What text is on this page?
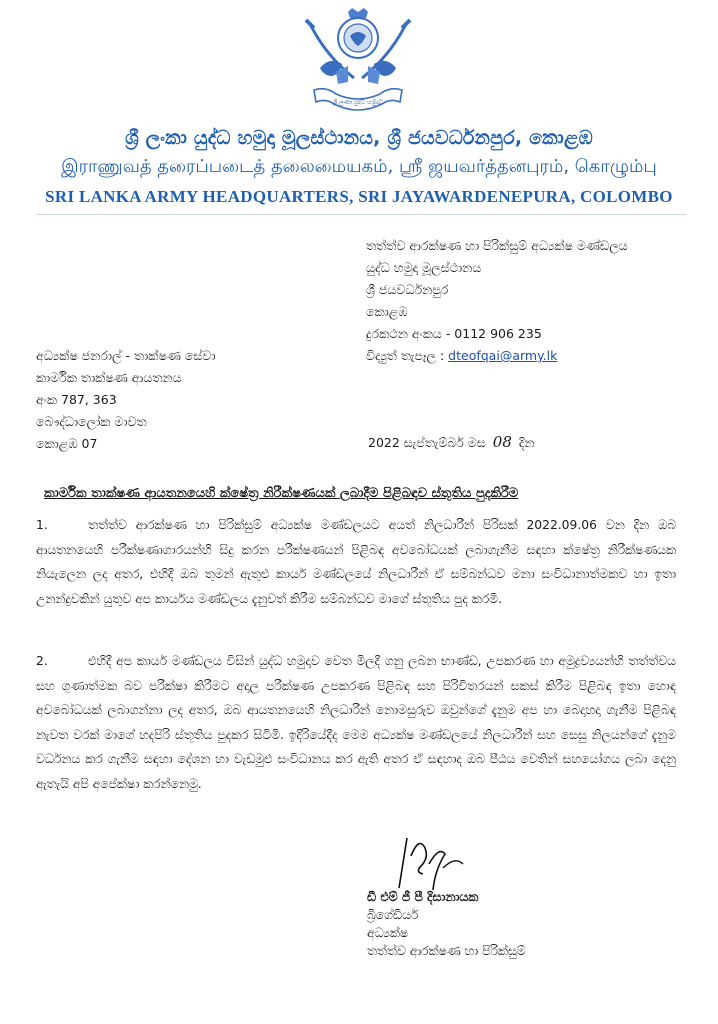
ශ්‍රී ලංකා යුද්ධ හමුදාව
ශ්‍රී ලංකා යුද්ධ හමුදා මූලස්ථානය, ශ්‍රී ජයවර්ධනපුර, කොළඹ
இராணுவத் தரைப்படைத் தலைமையகம், ஸ்ரீ ஜயவர்த்தனபுரம், கொழும்பு
SRI LANKA ARMY HEADQUARTERS, SRI JAYAWARDENEPURA, COLOMBO
තත්ත්ව ආරක්ෂණ හා පිරික්සුම් අධ්‍යක්ෂ මණ්ඩලය
යුද්ධ හමුදා මූලස්ථානය
ශ්‍රී ජයවර්ධනපුර
කොළඹ
දුරකථන අංකය - 0112 906 235
විද්‍යුත් තැපෑල : dteofqai@army.lk
අධ්‍යක්ෂ ජනරාල් - තාක්ෂණ සේවා
කාර්මික තාක්ෂණ ආයතනය
අංක 787, 363
බෞද්ධාලෝක මාවත
කොළඹ 07	2022 සැප්තැම්බර් මස 08 දින
කාර්මික තාක්ෂණ ආයතනයෙහි ක්ෂේත්‍ර නිරීක්ෂණයක් ලබාදීම පිළිබඳව ස්තූතිය පුදකිරීම
1.	තත්ත්ව ආරක්ෂණ හා පිරික්සුම් අධ්‍යක්ෂ මණ්ඩලයට අයත් නිලධාරීන් පිරිසක් 2022.09.06 වන දින ඔබ ආයතනයෙහි පරීක්ෂණාගාරයන්හි සිදු කරන පරීක්ෂණයන් පිළිබඳ අවබෝධයක් ලබාගැනීම සඳහා ක්ෂේත්‍ර නිරීක්ෂණයක නියැලෙන ලද අතර, එහිදී ඔබ තුමන් ඇතුළු කාර්ය මණ්ඩලයේ නිලධාරීන් ඒ සම්බන්ධව මනා සංවිධානාත්මකව හා ඉතා උනන්දුවකින් යුතුව අප කාර්යය මණ්ඩලය දැනුවත් කිරීම සම්බන්ධව මාගේ ස්තූතිය පුද කරමි.
2.	එහිදී අප කාර්ය මණ්ඩලය විසින් යුද්ධ හමුදාව වෙත මිලදී ගනු ලබන භාණ්ඩ, උපකරණ හා අමුද්‍රව්‍යයන්හි තත්ත්වය සහ ගුණාත්මක බව පරීක්ෂා කිරීමට අදාල පරීක්ෂණ උපකරණ පිළිබඳ සහ පිරිවිතරයන් සකස් කිරීම පිළිබඳ ඉතා හොඳ අවබෝධයක් ලබාගන්නා ලද අතර, ඔබ ආයතනයෙහි නිලධාරීන් නොමසුරුව ඔවුන්ගේ දැනුම අප හා බෙදාහදා ගැනීම පිළිබඳ නැවත වරක් මාගේ හදපිරි ස්තූතිය පුදකර සිටිමි. ඉදිරියේදීද මෙම අධ්‍යක්ෂ මණ්ඩලයේ නිලධාරීන් සහ සෙසු නිලයන්ගේ දැනුම වර්ධනය කර ගැනීම සඳහා දේශන හා වැඩමුළු සංවිධානය කර ඇති අතර ඒ සඳහාද ඔබ පීඨය වෙතින් සහයෝගය ලබා දෙනු ඇතැයි අපි අපේක්ෂා කරන්නෙමු.
ඩී එම් ජී පී දිසානායක
බ්‍රිගේඩියර්
අධ්‍යක්ෂ
තත්ත්ව ආරක්ෂණ හා පිරික්සුම්
